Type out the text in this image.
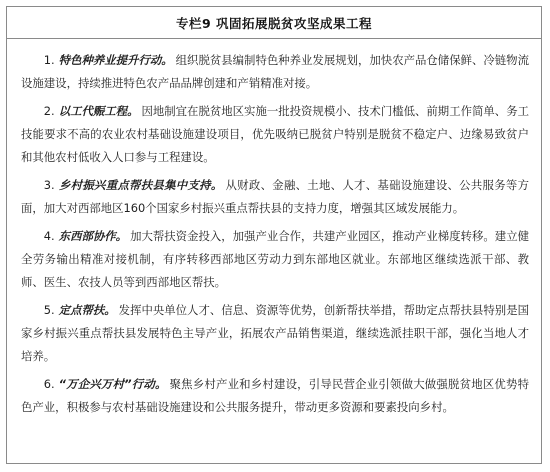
专栏9 巩固拓展脱贫攻坚成果工程

1. 特色种养业提升行动。 组织脱贫县编制特色种养业发展规划，加快农产品仓储保鲜、冷链物流设施建设，持续推进特色农产品品牌创建和产销精准对接。

2. 以工代赈工程。 因地制宜在脱贫地区实施一批投资规模小、技术门槛低、前期工作简单、务工技能要求不高的农业农村基础设施建设项目，优先吸纳已脱贫户特别是脱贫不稳定户、边缘易致贫户和其他农村低收入人口参与工程建设。

3. 乡村振兴重点帮扶县集中支持。 从财政、金融、土地、人才、基础设施建设、公共服务等方面，加大对西部地区160个国家乡村振兴重点帮扶县的支持力度，增强其区域发展能力。

4. 东西部协作。 加大帮扶资金投入，加强产业合作，共建产业园区，推动产业梯度转移。建立健全劳务输出精准对接机制，有序转移西部地区劳动力到东部地区就业。东部地区继续选派干部、教师、医生、农技人员等到西部地区帮扶。

5. 定点帮扶。 发挥中央单位人才、信息、资源等优势，创新帮扶举措，帮助定点帮扶县特别是国家乡村振兴重点帮扶县发展特色主导产业，拓展农产品销售渠道，继续选派挂职干部，强化当地人才培养。

6. “万企兴万村”行动。 聚焦乡村产业和乡村建设，引导民营企业引领做大做强脱贫地区优势特色产业，积极参与农村基础设施建设和公共服务提升，带动更多资源和要素投向乡村。
